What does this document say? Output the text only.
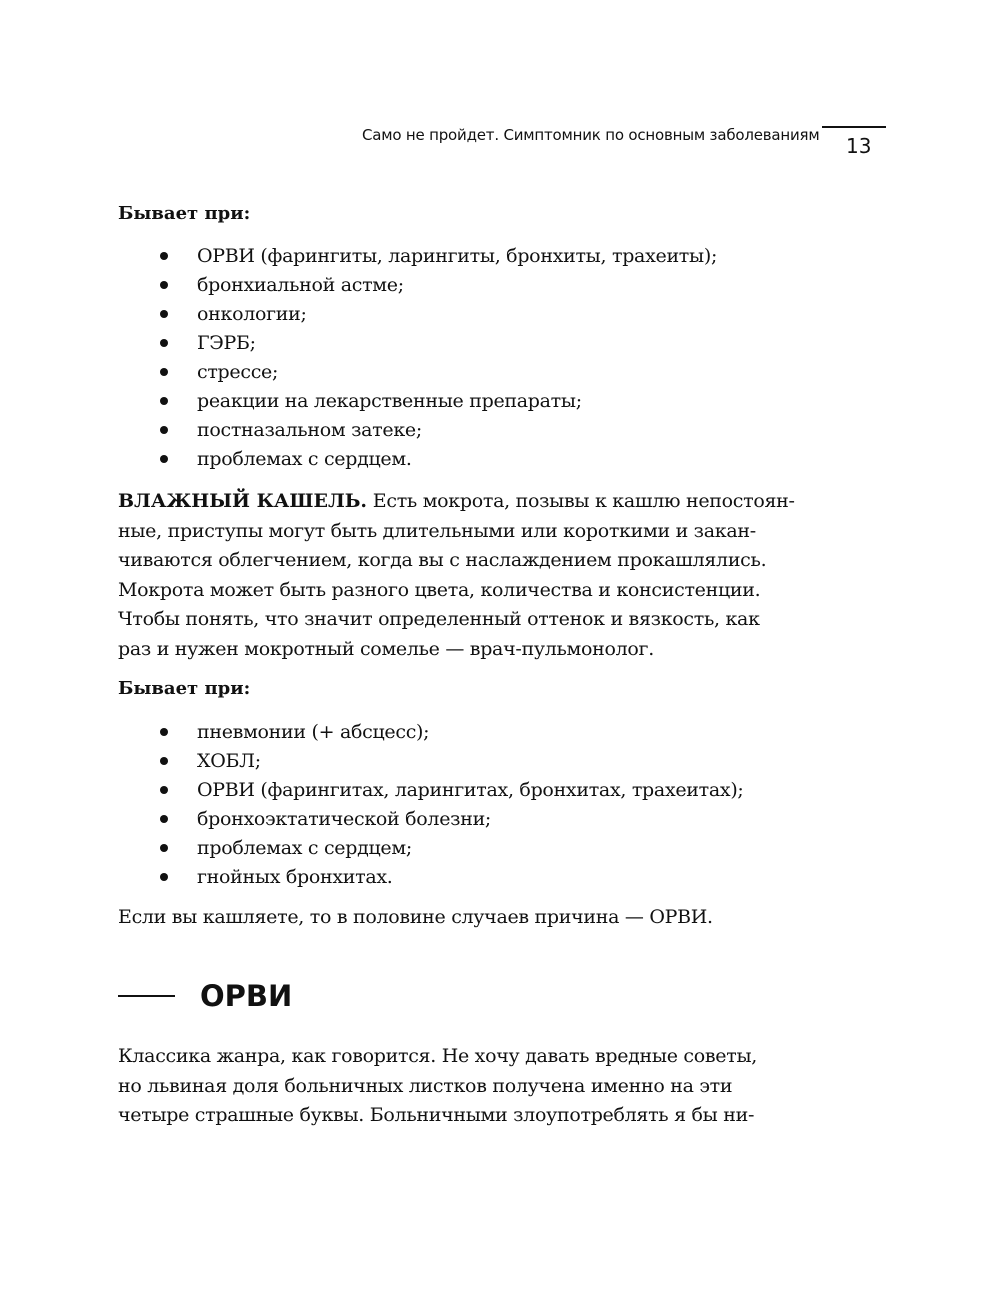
Само не пройдет. Симптомник по основным заболеваниям 13
Бывает при:
ОРВИ (фарингиты, ларингиты, бронхиты, трахеиты);
бронхиальной астме;
онкологии;
ГЭРБ;
стрессе;
реакции на лекарственные препараты;
постназальном затеке;
проблемах с сердцем.

ВЛАЖНЫЙ КАШЕЛЬ. Есть мокрота, позывы к кашлю непостоян-
ные, приступы могут быть длительными или короткими и закан-
чиваются облегчением, когда вы с наслаждением прокашлялись.
Мокрота может быть разного цвета, количества и консистенции.
Чтобы понять, что значит определенный оттенок и вязкость, как
раз и нужен мокротный сомелье — врач-пульмонолог.

Бывает при:
пневмонии (+ абсцесс);
ХОБЛ;
ОРВИ (фарингитах, ларингитах, бронхитах, трахеитах);
бронхоэктатической болезни;
проблемах с сердцем;
гнойных бронхитах.

Если вы кашляете, то в половине случаев причина — ОРВИ.

ОРВИ

Классика жанра, как говорится. Не хочу давать вредные советы,
но львиная доля больничных листков получена именно на эти
четыре страшные буквы. Больничными злоупотреблять я бы ни-
